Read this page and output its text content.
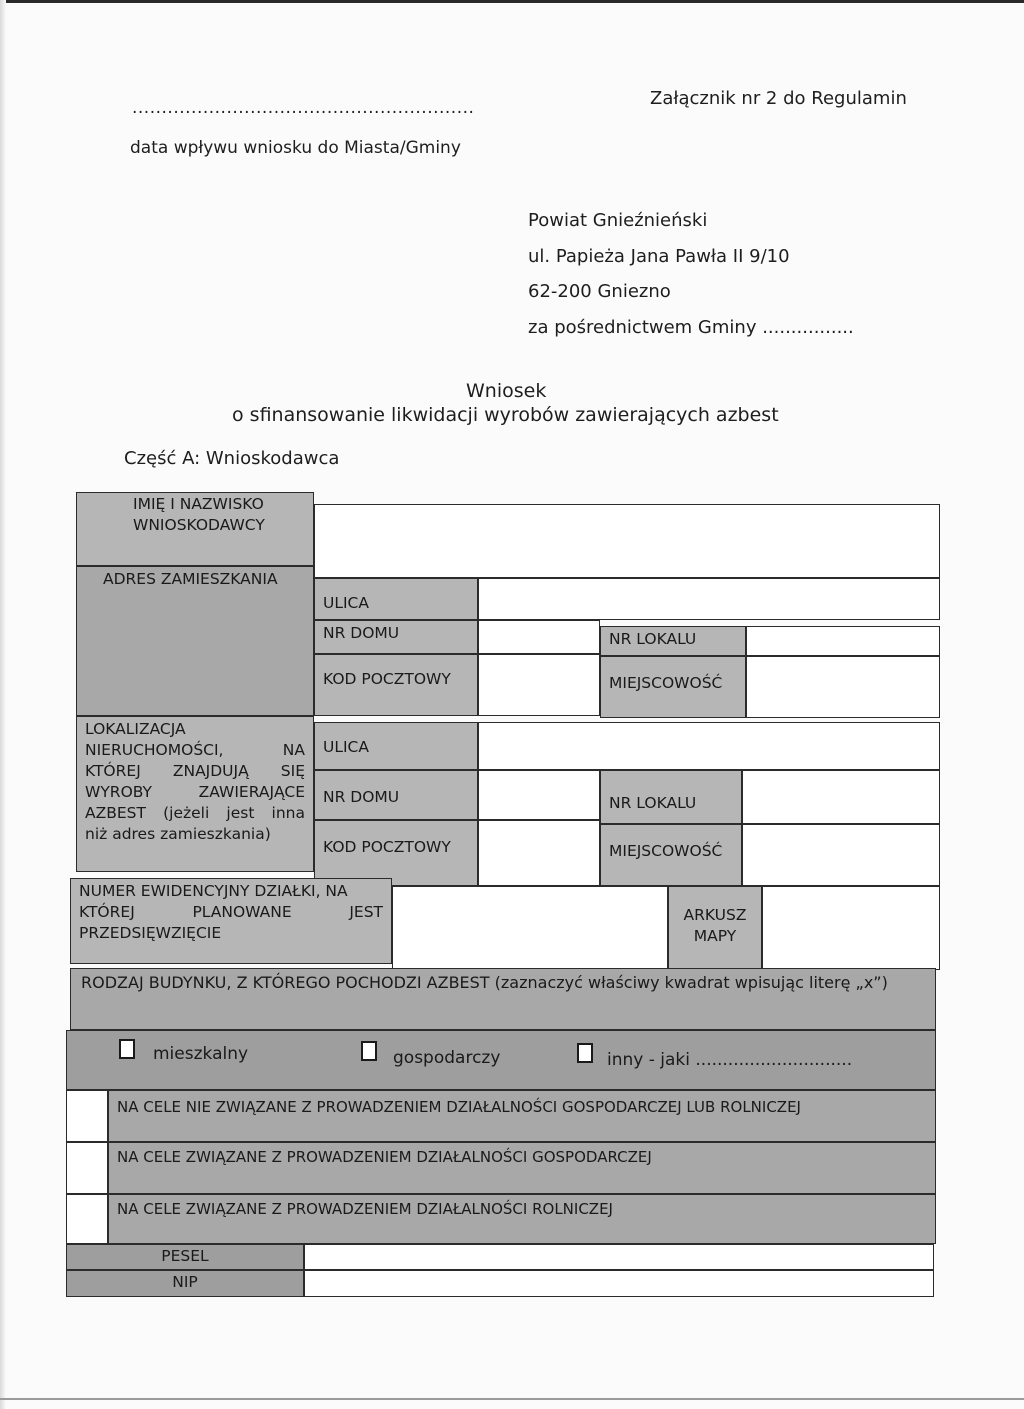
..........................................................	Załącznik nr 2 do Regulamin
data wpływu wniosku do Miasta/Gminy
Powiat Gnieźnieński
ul. Papieża Jana Pawła II 9/10
62-200 Gniezno
za pośrednictwem Gminy ................
Wniosek
o sfinansowanie likwidacji wyrobów zawierających azbest
Część A: Wnioskodawca
IMIĘ I NAZWISKO WNIOSKODAWCY
ADRES ZAMIESZKANIA
ULICA
NR DOMU	NR LOKALU
KOD POCZTOWY	MIEJSCOWOŚĆ
LOKALIZACJA
NIERUCHOMOŚCI, NA
KTÓREJ ZNAJDUJĄ SIĘ
WYROBY ZAWIERAJĄCE
AZBEST (jeżeli jest inna
niż adres zamieszkania)
ULICA
NR DOMU	NR LOKALU
KOD POCZTOWY	MIEJSCOWOŚĆ
NUMER EWIDENCYJNY DZIAŁKI, NA
KTÓREJ PLANOWANE JEST
PRZEDSIĘWZIĘCIE
ARKUSZ
MAPY
RODZAJ BUDYNKU, Z KTÓREGO POCHODZI AZBEST (zaznaczyć właściwy kwadrat wpisując literę „x”)
mieszkalny	gospodarczy	inny - jaki .............................
NA CELE NIE ZWIĄZANE Z PROWADZENIEM DZIAŁALNOŚCI GOSPODARCZEJ LUB ROLNICZEJ
NA CELE ZWIĄZANE Z PROWADZENIEM DZIAŁALNOŚCI GOSPODARCZEJ
NA CELE ZWIĄZANE Z PROWADZENIEM DZIAŁALNOŚCI ROLNICZEJ
PESEL
NIP
